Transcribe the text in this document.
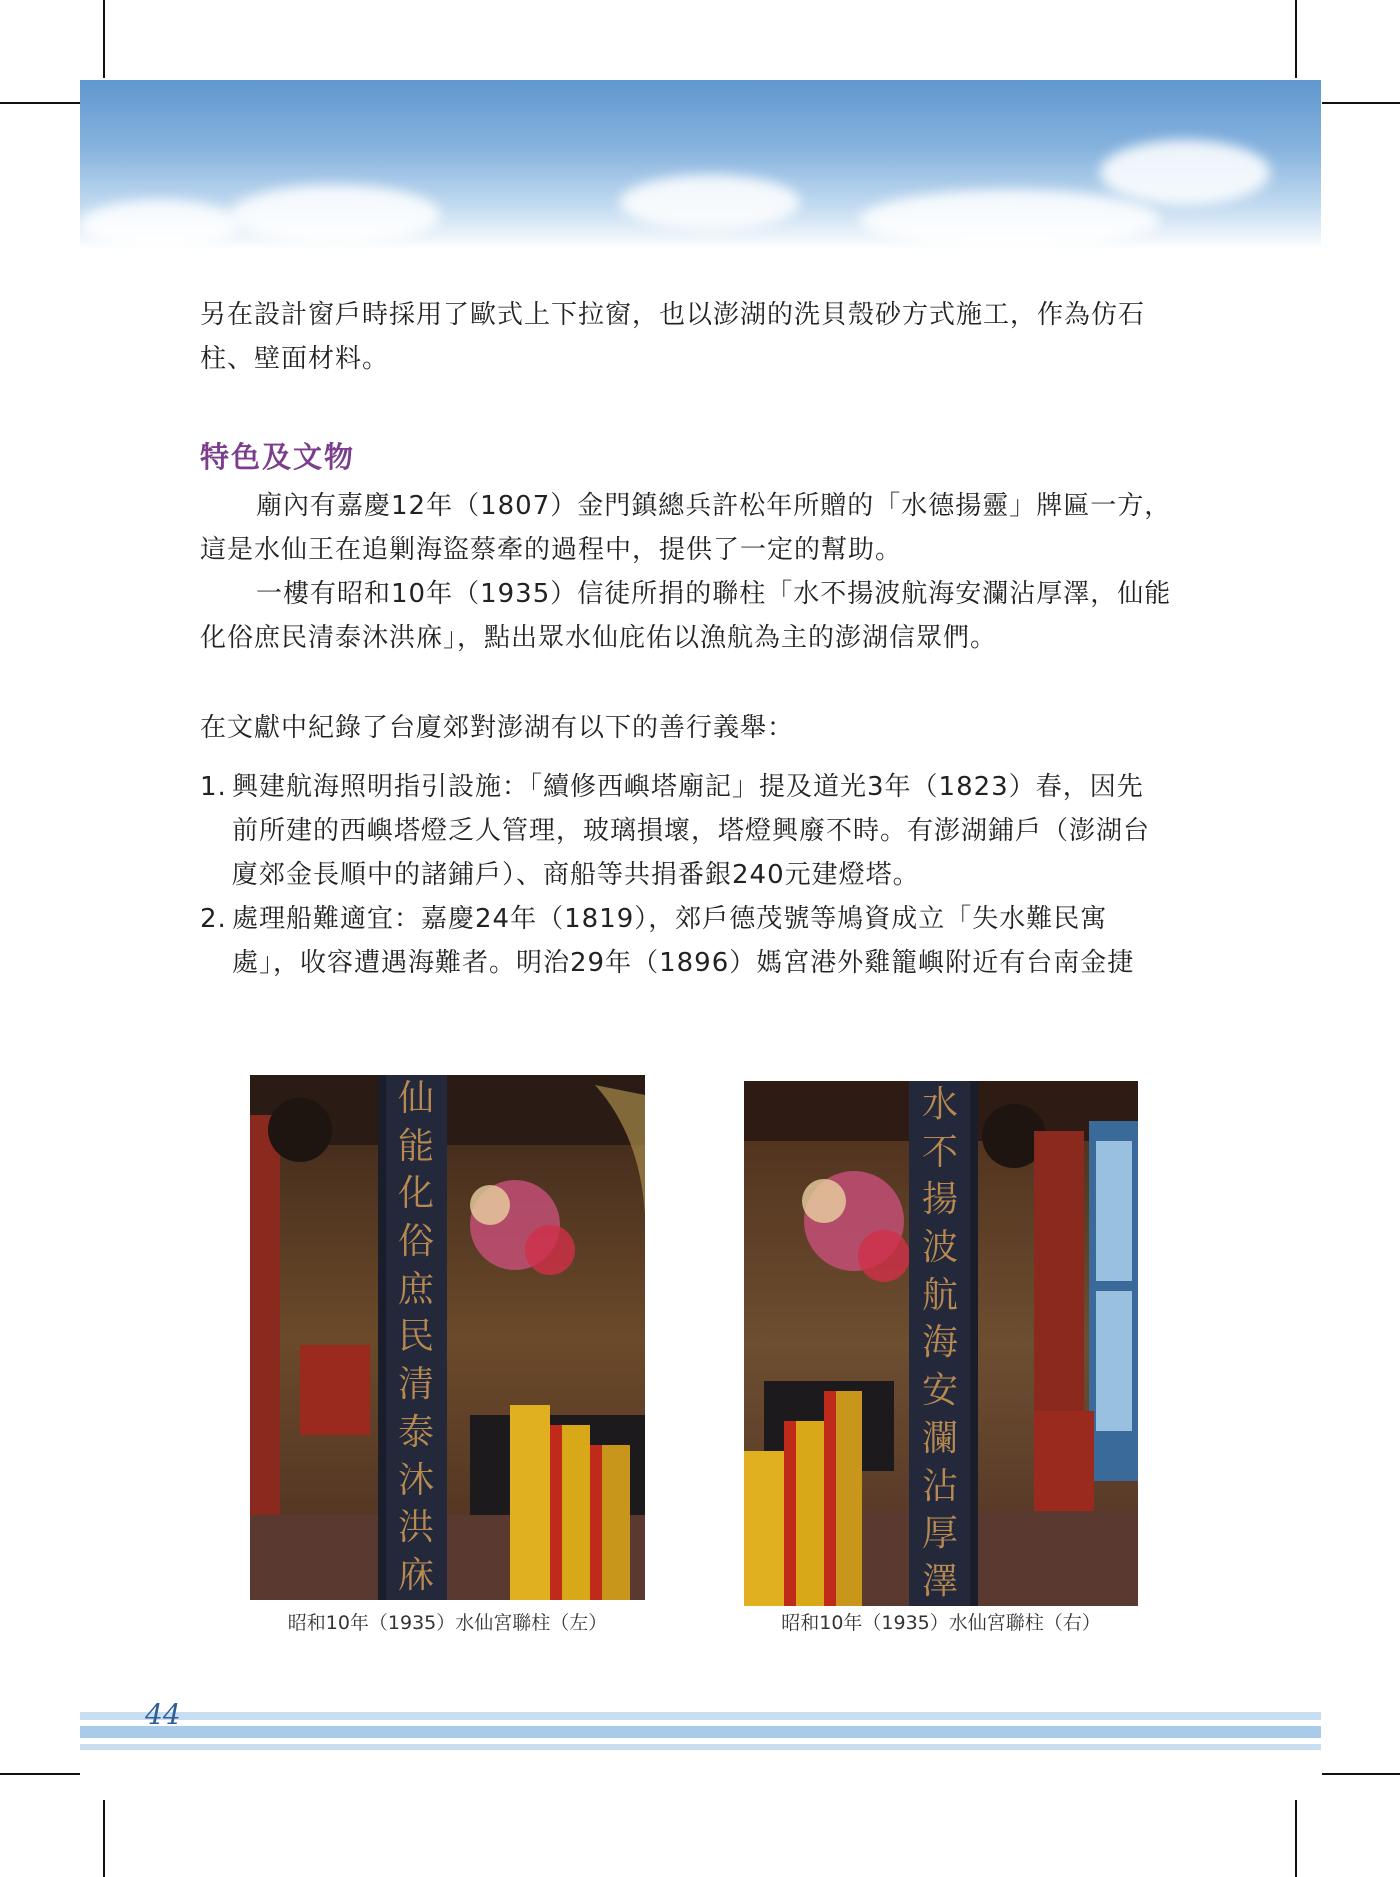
另在設計窗戶時採用了歐式上下拉窗，也以澎湖的洗貝殼砂方式施工，作為仿石

柱、壁面材料。

特色及文物

廟內有嘉慶12年（1807）金門鎮總兵許松年所贈的「水德揚靈」牌匾一方，

這是水仙王在追剿海盜蔡牽的過程中，提供了一定的幫助。

一樓有昭和10年（1935）信徒所捐的聯柱「水不揚波航海安瀾沾厚澤，仙能

化俗庶民清泰沐洪庥」，點出眾水仙庇佑以漁航為主的澎湖信眾們。

在文獻中紀錄了台廈郊對澎湖有以下的善行義舉：
1. 興建航海照明指引設施：「續修西嶼塔廟記」提及道光3年（1823）春，因先

前所建的西嶼塔燈乏人管理，玻璃損壞，塔燈興廢不時。有澎湖鋪戶（澎湖台

廈郊金長順中的諸鋪戶）、商船等共捐番銀240元建燈塔。

2. 處理船難適宜：嘉慶24年（1819），郊戶德茂號等鳩資成立「失水難民寓

處」，收容遭遇海難者。明治29年（1896）媽宮港外雞籠嶼附近有台南金捷

仙
能
化
俗
庶
民
清
泰
沐
洪
庥
昭和10年（1935）水仙宮聯柱（左）
水
不
揚
波
航
海
安
瀾
沾
厚
澤
昭和10年（1935）水仙宮聯柱（右）
44
